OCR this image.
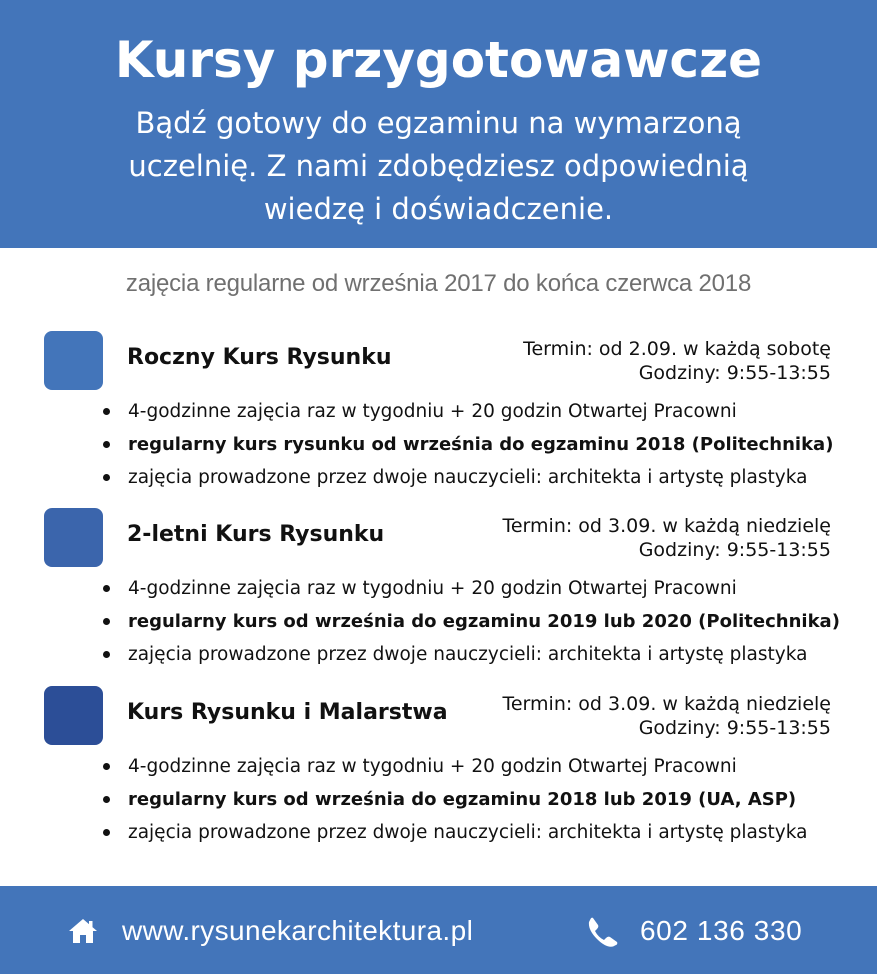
Kursy przygotowawcze
Bądź gotowy do egzaminu na wymarzoną
uczelnię. Z nami zdobędziesz odpowiednią
wiedzę i doświadczenie.
zajęcia regularne od września 2017 do końca czerwca 2018
Roczny Kurs Rysunku	Termin: od 2.09. w każdą sobotę
Godziny: 9:55-13:55
4-godzinne zajęcia raz w tygodniu + 20 godzin Otwartej Pracowni
regularny kurs rysunku od września do egzaminu 2018 (Politechnika)
zajęcia prowadzone przez dwoje nauczycieli: architekta i artystę plastyka
2-letni Kurs Rysunku	Termin: od 3.09. w każdą niedzielę
Godziny: 9:55-13:55
4-godzinne zajęcia raz w tygodniu + 20 godzin Otwartej Pracowni
regularny kurs od września do egzaminu 2019 lub 2020 (Politechnika)
zajęcia prowadzone przez dwoje nauczycieli: architekta i artystę plastyka
Kurs Rysunku i Malarstwa	Termin: od 3.09. w każdą niedzielę
Godziny: 9:55-13:55
4-godzinne zajęcia raz w tygodniu + 20 godzin Otwartej Pracowni
regularny kurs od września do egzaminu 2018 lub 2019 (UA, ASP)
zajęcia prowadzone przez dwoje nauczycieli: architekta i artystę plastyka
www.rysunekarchitektura.pl	602 136 330
